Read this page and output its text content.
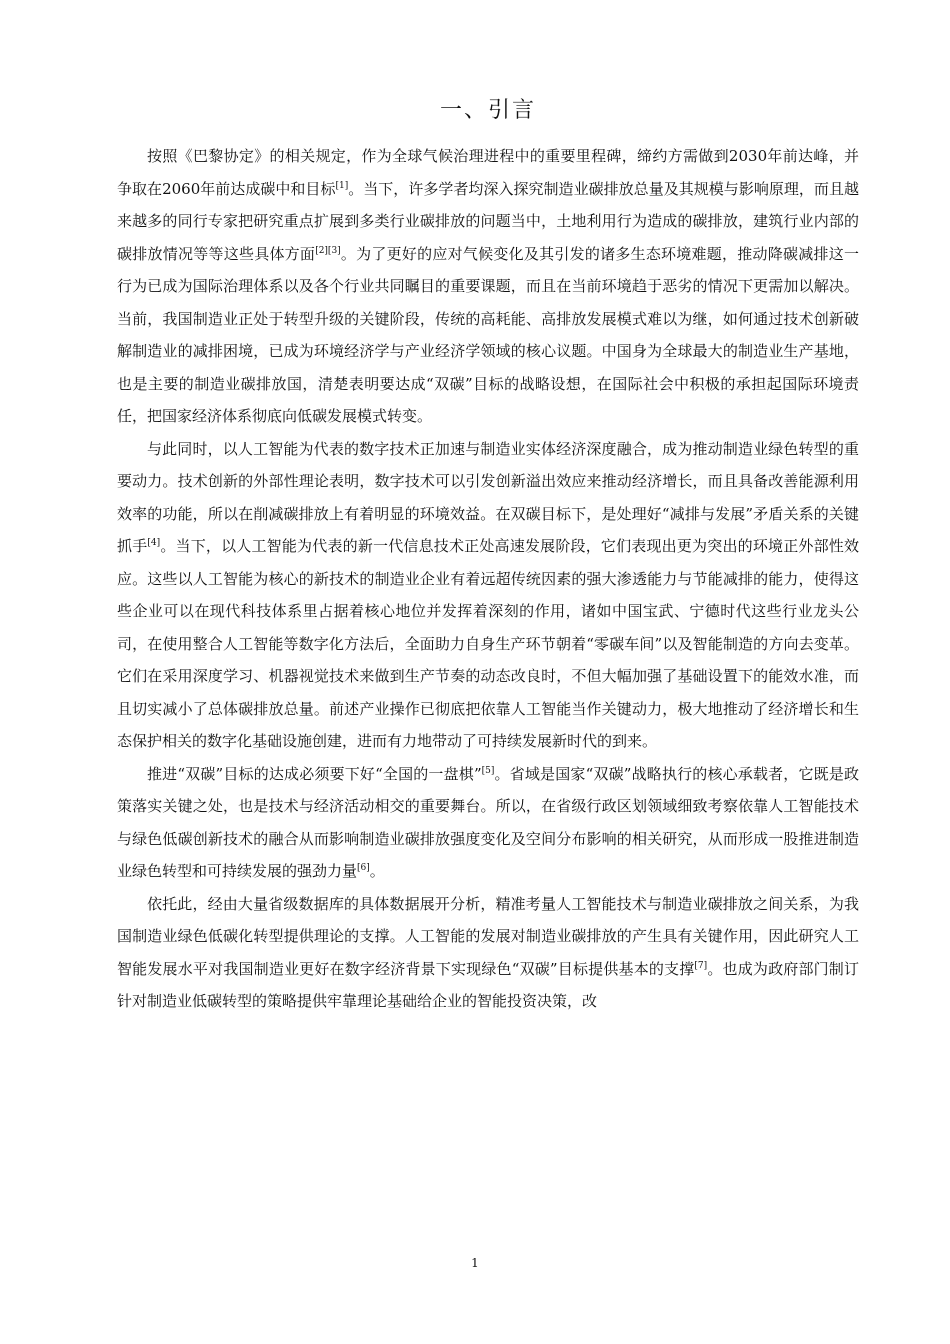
一、引言

按照《巴黎协定》的相关规定，作为全球气候治理进程中的重要里程碑，缔约方需做到2030年前达峰，并争取在2060年前达成碳中和目标[1]。当下，许多学者均深入探究制造业碳排放总量及其规模与影响原理，而且越来越多的同行专家把研究重点扩展到多类行业碳排放的问题当中，土地利用行为造成的碳排放，建筑行业内部的碳排放情况等等这些具体方面[2][3]。为了更好的应对气候变化及其引发的诸多生态环境难题，推动降碳减排这一行为已成为国际治理体系以及各个行业共同瞩目的重要课题，而且在当前环境趋于恶劣的情况下更需加以解决。当前，我国制造业正处于转型升级的关键阶段，传统的高耗能、高排放发展模式难以为继，如何通过技术创新破解制造业的减排困境，已成为环境经济学与产业经济学领域的核心议题。中国身为全球最大的制造业生产基地，也是主要的制造业碳排放国，清楚表明要达成“双碳”目标的战略设想，在国际社会中积极的承担起国际环境责任，把国家经济体系彻底向低碳发展模式转变。

与此同时，以人工智能为代表的数字技术正加速与制造业实体经济深度融合，成为推动制造业绿色转型的重要动力。技术创新的外部性理论表明，数字技术可以引发创新溢出效应来推动经济增长，而且具备改善能源利用效率的功能，所以在削减碳排放上有着明显的环境效益。在双碳目标下，是处理好“减排与发展”矛盾关系的关键抓手[4]。当下，以人工智能为代表的新一代信息技术正处高速发展阶段，它们表现出更为突出的环境正外部性效应。这些以人工智能为核心的新技术的制造业企业有着远超传统因素的强大渗透能力与节能减排的能力，使得这些企业可以在现代科技体系里占据着核心地位并发挥着深刻的作用，诸如中国宝武、宁德时代这些行业龙头公司，在使用整合人工智能等数字化方法后，全面助力自身生产环节朝着“零碳车间”以及智能制造的方向去变革。它们在采用深度学习、机器视觉技术来做到生产节奏的动态改良时，不但大幅加强了基础设置下的能效水准，而且切实减小了总体碳排放总量。前述产业操作已彻底把依靠人工智能当作关键动力，极大地推动了经济增长和生态保护相关的数字化基础设施创建，进而有力地带动了可持续发展新时代的到来。

推进“双碳”目标的达成必须要下好“全国的一盘棋”[5]。省域是国家“双碳”战略执行的核心承载者，它既是政策落实关键之处，也是技术与经济活动相交的重要舞台。所以，在省级行政区划领域细致考察依靠人工智能技术与绿色低碳创新技术的融合从而影响制造业碳排放强度变化及空间分布影响的相关研究，从而形成一股推进制造业绿色转型和可持续发展的强劲力量[6]。

依托此，经由大量省级数据库的具体数据展开分析，精准考量人工智能技术与制造业碳排放之间关系，为我国制造业绿色低碳化转型提供理论的支撑。人工智能的发展对制造业碳排放的产生具有关键作用，因此研究人工智能发展水平对我国制造业更好在数字经济背景下实现绿色“双碳”目标提供基本的支撑[7]。也成为政府部门制订针对制造业低碳转型的策略提供牢靠理论基础给企业的智能投资决策，改

1
